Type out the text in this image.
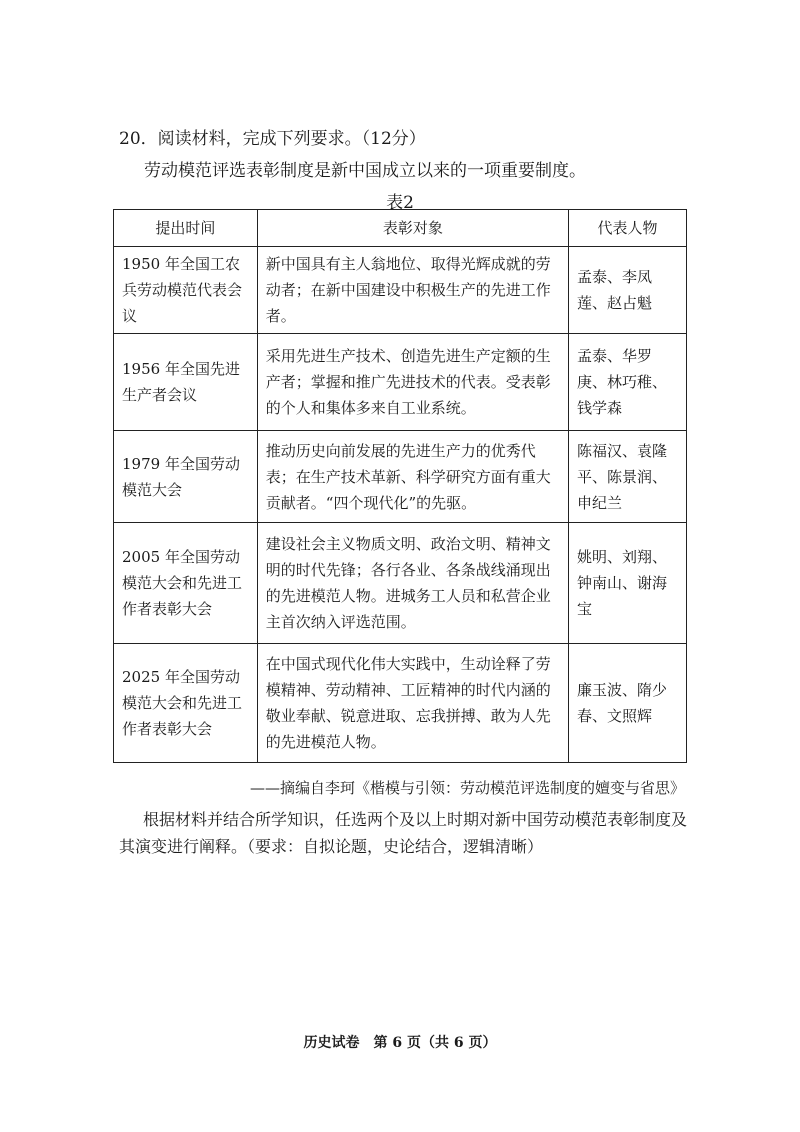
20．阅读材料，完成下列要求。（12分）
劳动模范评选表彰制度是新中国成立以来的一项重要制度。
表2
提出时间	表彰对象	代表人物
1950 年全国工农兵劳动模范代表会议	新中国具有主人翁地位、取得光辉成就的劳动者；在新中国建设中积极生产的先进工作者。	孟泰、李凤莲、赵占魁
1956 年全国先进生产者会议	采用先进生产技术、创造先进生产定额的生产者；掌握和推广先进技术的代表。受表彰的个人和集体多来自工业系统。	孟泰、华罗庚、林巧稚、钱学森
1979 年全国劳动模范大会	推动历史向前发展的先进生产力的优秀代表；在生产技术革新、科学研究方面有重大贡献者。“四个现代化”的先驱。	陈福汉、袁隆平、陈景润、申纪兰
2005 年全国劳动模范大会和先进工作者表彰大会	建设社会主义物质文明、政治文明、精神文明的时代先锋；各行各业、各条战线涌现出的先进模范人物。进城务工人员和私营企业主首次纳入评选范围。	姚明、刘翔、钟南山、谢海宝
2025 年全国劳动模范大会和先进工作者表彰大会	在中国式现代化伟大实践中，生动诠释了劳模精神、劳动精神、工匠精神的时代内涵的敬业奉献、锐意进取、忘我拼搏、敢为人先的先进模范人物。	廉玉波、隋少春、文照辉
——摘编自李珂《楷模与引领：劳动模范评选制度的嬗变与省思》
根据材料并结合所学知识，任选两个及以上时期对新中国劳动模范表彰制度及其演变进行阐释。（要求：自拟论题，史论结合，逻辑清晰）
历史试卷　第 6 页（共 6 页）
